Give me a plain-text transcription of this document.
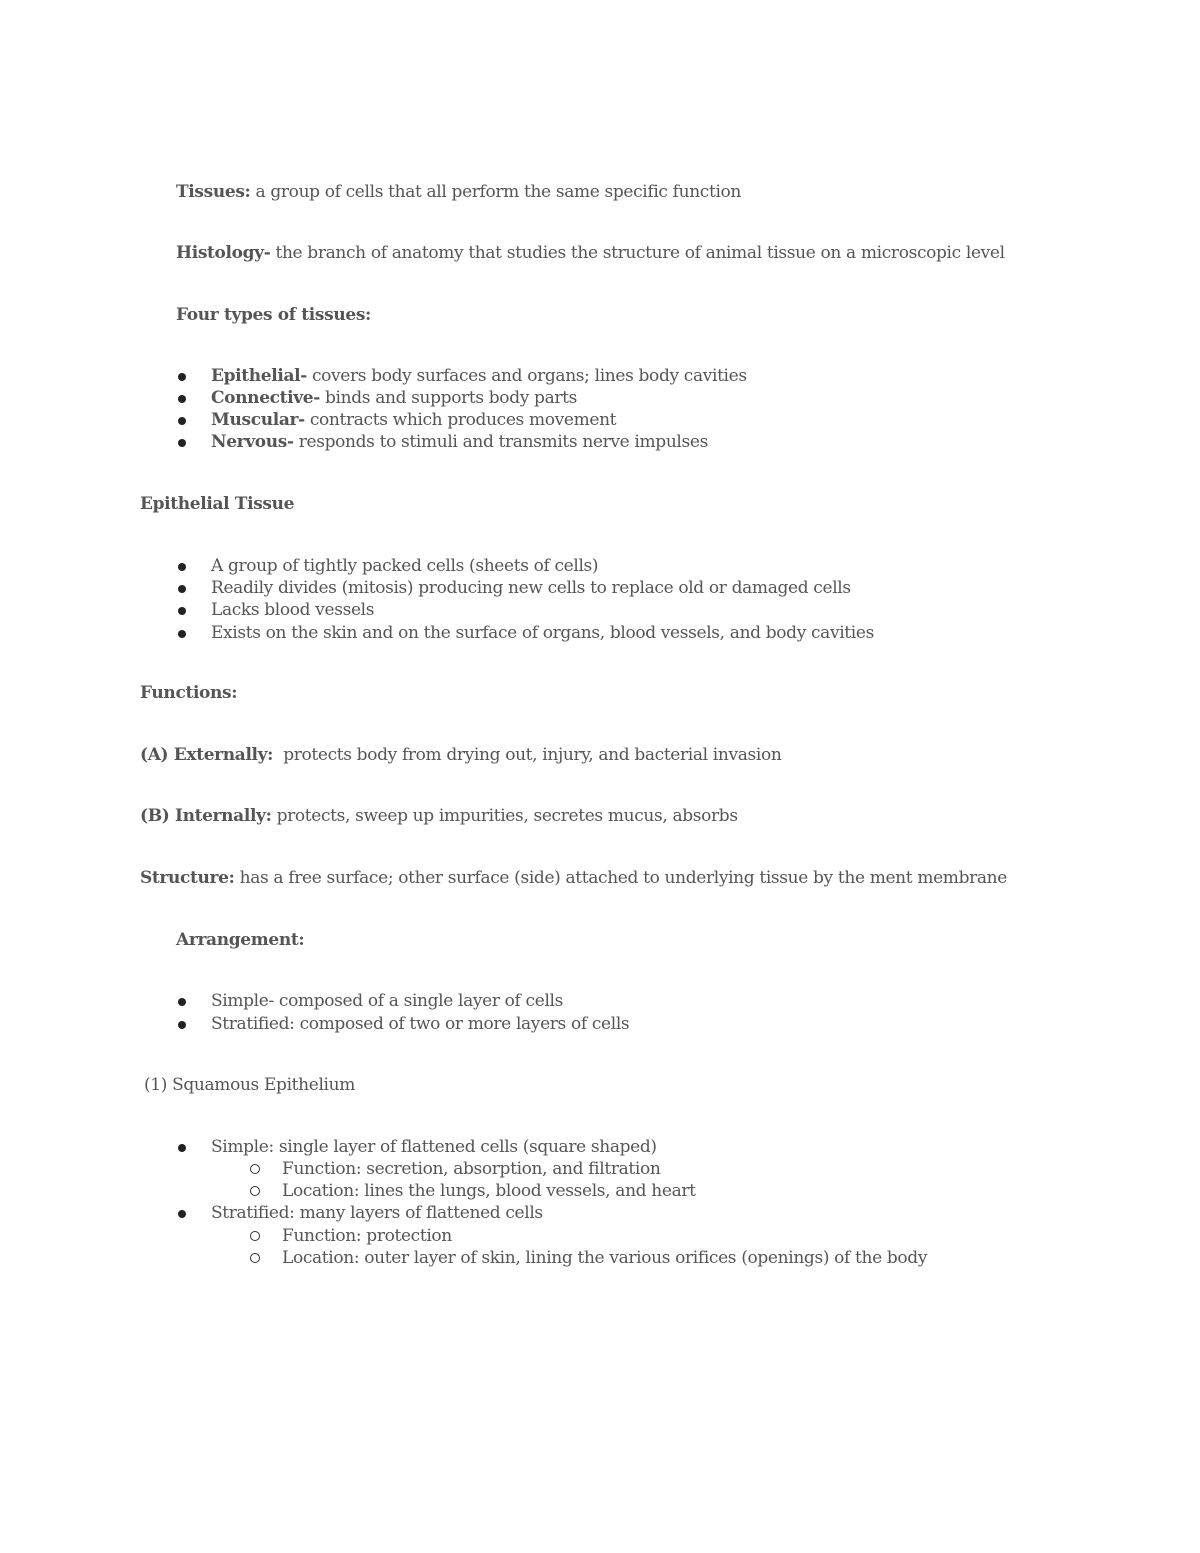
Tissues: a group of cells that all perform the same specific function
Histology- the branch of anatomy that studies the structure of animal tissue on a microscopic level
Four types of tissues:
Epithelial- covers body surfaces and organs; lines body cavities
Connective- binds and supports body parts
Muscular- contracts which produces movement
Nervous- responds to stimuli and transmits nerve impulses
Epithelial Tissue
A group of tightly packed cells (sheets of cells)
Readily divides (mitosis) producing new cells to replace old or damaged cells
Lacks blood vessels
Exists on the skin and on the surface of organs, blood vessels, and body cavities
Functions:
(A) Externally:  protects body from drying out, injury, and bacterial invasion
(B) Internally: protects, sweep up impurities, secretes mucus, absorbs
Structure: has a free surface; other surface (side) attached to underlying tissue by the ment membrane
Arrangement:
Simple- composed of a single layer of cells
Stratified: composed of two or more layers of cells
(1) Squamous Epithelium
Simple: single layer of flattened cells (square shaped)
Function: secretion, absorption, and filtration
Location: lines the lungs, blood vessels, and heart
Stratified: many layers of flattened cells
Function: protection
Location: outer layer of skin, lining the various orifices (openings) of the body
